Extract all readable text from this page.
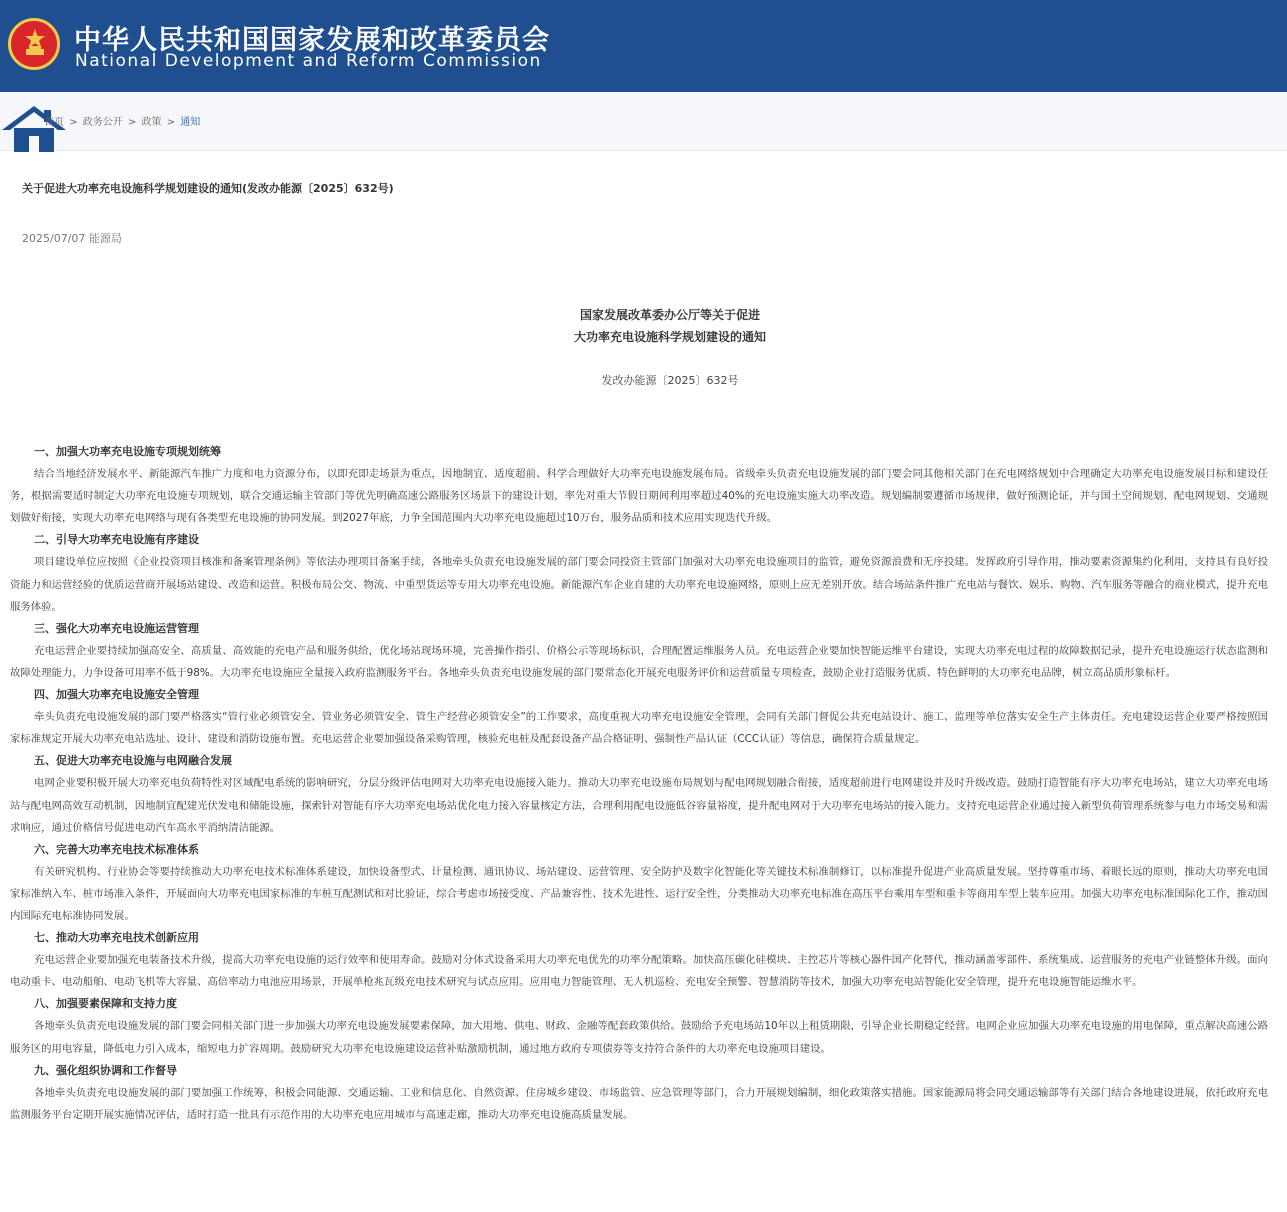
中华人民共和国国家发展和改革委员会
National Development and Reform Commission
首页 > 政务公开 > 政策 > 通知
关于促进大功率充电设施科学规划建设的通知(发改办能源〔2025〕632号)
2025/07/07 能源局
国家发展改革委办公厅等关于促进
大功率充电设施科学规划建设的通知
发改办能源〔2025〕632号
一、加强大功率充电设施专项规划统筹

结合当地经济发展水平、新能源汽车推广力度和电力资源分布，以即充即走场景为重点，因地制宜、适度超前、科学合理做好大功率充电设施发展布局。省级牵头负责充电设施发展的部门要会同其他相关部门在充电网络规划中合理确定大功率充电设施发展目标和建设任务，根据需要适时制定大功率充电设施专项规划，联合交通运输主管部门等优先明确高速公路服务区场景下的建设计划，率先对重大节假日期间利用率超过40%的充电设施实施大功率改造。规划编制要遵循市场规律，做好预测论证，并与国土空间规划、配电网规划、交通规划做好衔接，实现大功率充电网络与现有各类型充电设施的协同发展。到2027年底，力争全国范围内大功率充电设施超过10万台，服务品质和技术应用实现迭代升级。

二、引导大功率充电设施有序建设

项目建设单位应按照《企业投资项目核准和备案管理条例》等依法办理项目备案手续，各地牵头负责充电设施发展的部门要会同投资主管部门加强对大功率充电设施项目的监管，避免资源浪费和无序投建。发挥政府引导作用，推动要素资源集约化利用，支持具有良好投资能力和运营经验的优质运营商开展场站建设、改造和运营。积极布局公交、物流、中重型货运等专用大功率充电设施。新能源汽车企业自建的大功率充电设施网络，原则上应无差别开放。结合场站条件推广充电站与餐饮、娱乐、购物、汽车服务等融合的商业模式，提升充电服务体验。

三、强化大功率充电设施运营管理

充电运营企业要持续加强高安全、高质量、高效能的充电产品和服务供给，优化场站现场环境，完善操作指引、价格公示等现场标识，合理配置运维服务人员。充电运营企业要加快智能运维平台建设，实现大功率充电过程的故障数据记录，提升充电设施运行状态监测和故障处理能力，力争设备可用率不低于98%。大功率充电设施应全量接入政府监测服务平台。各地牵头负责充电设施发展的部门要常态化开展充电服务评价和运营质量专项检查，鼓励企业打造服务优质、特色鲜明的大功率充电品牌，树立高品质形象标杆。

四、加强大功率充电设施安全管理

牵头负责充电设施发展的部门要严格落实“管行业必须管安全、管业务必须管安全、管生产经营必须管安全”的工作要求，高度重视大功率充电设施安全管理，会同有关部门督促公共充电站设计、施工、监理等单位落实安全生产主体责任。充电建设运营企业要严格按照国家标准规定开展大功率充电站选址、设计、建设和消防设施布置。充电运营企业要加强设备采购管理，核验充电桩及配套设备产品合格证明、强制性产品认证（CCC认证）等信息，确保符合质量规定。

五、促进大功率充电设施与电网融合发展

电网企业要积极开展大功率充电负荷特性对区域配电系统的影响研究，分层分级评估电网对大功率充电设施接入能力。推动大功率充电设施布局规划与配电网规划融合衔接，适度超前进行电网建设并及时升级改造。鼓励打造智能有序大功率充电场站，建立大功率充电场站与配电网高效互动机制，因地制宜配建光伏发电和储能设施，探索针对智能有序大功率充电场站优化电力接入容量核定方法，合理利用配电设施低谷容量裕度，提升配电网对于大功率充电场站的接入能力。支持充电运营企业通过接入新型负荷管理系统参与电力市场交易和需求响应，通过价格信号促进电动汽车高水平消纳清洁能源。

六、完善大功率充电技术标准体系

有关研究机构、行业协会等要持续推动大功率充电技术标准体系建设，加快设备型式、计量检测、通讯协议、场站建设、运营管理、安全防护及数字化智能化等关键技术标准制修订，以标准提升促进产业高质量发展。坚持尊重市场、着眼长远的原则，推动大功率充电国家标准纳入车、桩市场准入条件，开展面向大功率充电国家标准的车桩互配测试和对比验证，综合考虑市场接受度、产品兼容性、技术先进性、运行安全性，分类推动大功率充电标准在高压平台乘用车型和重卡等商用车型上装车应用。加强大功率充电标准国际化工作，推动国内国际充电标准协同发展。

七、推动大功率充电技术创新应用

充电运营企业要加强充电装备技术升级，提高大功率充电设施的运行效率和使用寿命。鼓励对分体式设备采用大功率充电优先的功率分配策略。加快高压碳化硅模块、主控芯片等核心器件国产化替代，推动涵盖零部件、系统集成、运营服务的充电产业链整体升级。面向电动重卡、电动船舶、电动飞机等大容量、高倍率动力电池应用场景，开展单枪兆瓦级充电技术研究与试点应用。应用电力智能管理、无人机巡检、充电安全预警、智慧消防等技术，加强大功率充电站智能化安全管理，提升充电设施智能运维水平。

八、加强要素保障和支持力度

各地牵头负责充电设施发展的部门要会同相关部门进一步加强大功率充电设施发展要素保障，加大用地、供电、财政、金融等配套政策供给。鼓励给予充电场站10年以上租赁期限，引导企业长期稳定经营。电网企业应加强大功率充电设施的用电保障，重点解决高速公路服务区的用电容量，降低电力引入成本，缩短电力扩容周期。鼓励研究大功率充电设施建设运营补贴激励机制，通过地方政府专项债券等支持符合条件的大功率充电设施项目建设。

九、强化组织协调和工作督导

各地牵头负责充电设施发展的部门要加强工作统筹，积极会同能源、交通运输、工业和信息化、自然资源、住房城乡建设、市场监管、应急管理等部门，合力开展规划编制，细化政策落实措施。国家能源局将会同交通运输部等有关部门结合各地建设进展，依托政府充电监测服务平台定期开展实施情况评估，适时打造一批具有示范作用的大功率充电应用城市与高速走廊，推动大功率充电设施高质量发展。
